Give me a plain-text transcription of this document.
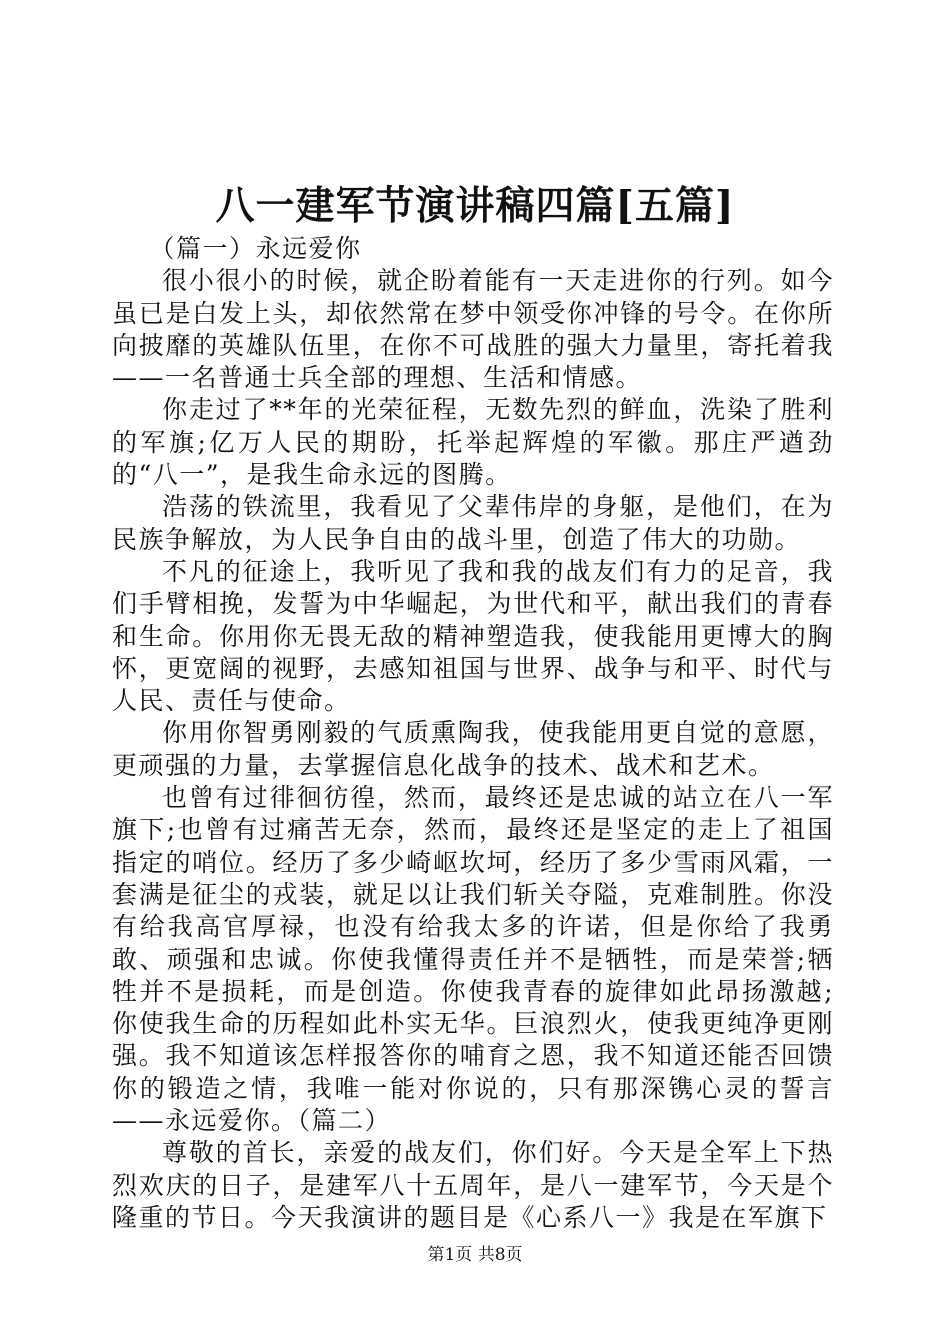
八一建军节演讲稿四篇[五篇]

（篇一）永远爱你

很小很小的时候，就企盼着能有一天走进你的行列。如今虽已是白发上头，却依然常在梦中领受你冲锋的号令。在你所向披靡的英雄队伍里，在你不可战胜的强大力量里，寄托着我——一名普通士兵全部的理想、生活和情感。

你走过了**年的光荣征程，无数先烈的鲜血，洗染了胜利的军旗;亿万人民的期盼，托举起辉煌的军徽。那庄严遒劲的“八一”，是我生命永远的图腾。

浩荡的铁流里，我看见了父辈伟岸的身躯，是他们，在为民族争解放，为人民争自由的战斗里，创造了伟大的功勋。

不凡的征途上，我听见了我和我的战友们有力的足音，我们手臂相挽，发誓为中华崛起，为世代和平，献出我们的青春和生命。你用你无畏无敌的精神塑造我，使我能用更博大的胸怀，更宽阔的视野，去感知祖国与世界、战争与和平、时代与人民、责任与使命。

你用你智勇刚毅的气质熏陶我，使我能用更自觉的意愿，更顽强的力量，去掌握信息化战争的技术、战术和艺术。

也曾有过徘徊彷徨，然而，最终还是忠诚的站立在八一军旗下;也曾有过痛苦无奈，然而，最终还是坚定的走上了祖国指定的哨位。经历了多少崎岖坎坷，经历了多少雪雨风霜，一套满是征尘的戎装，就足以让我们斩关夺隘，克难制胜。你没有给我高官厚禄，也没有给我太多的许诺，但是你给了我勇敢、顽强和忠诚。你使我懂得责任并不是牺牲，而是荣誉;牺牲并不是损耗，而是创造。你使我青春的旋律如此昂扬激越;你使我生命的历程如此朴实无华。巨浪烈火，使我更纯净更刚强。我不知道该怎样报答你的哺育之恩，我不知道还能否回馈你的锻造之情，我唯一能对你说的，只有那深镌心灵的誓言——永远爱你。（篇二）

尊敬的首长，亲爱的战友们，你们好。今天是全军上下热烈欢庆的日子，是建军八十五周年，是八一建军节，今天是个隆重的节日。今天我演讲的题目是《心系八一》我是在军旗下

第1页 共8页
